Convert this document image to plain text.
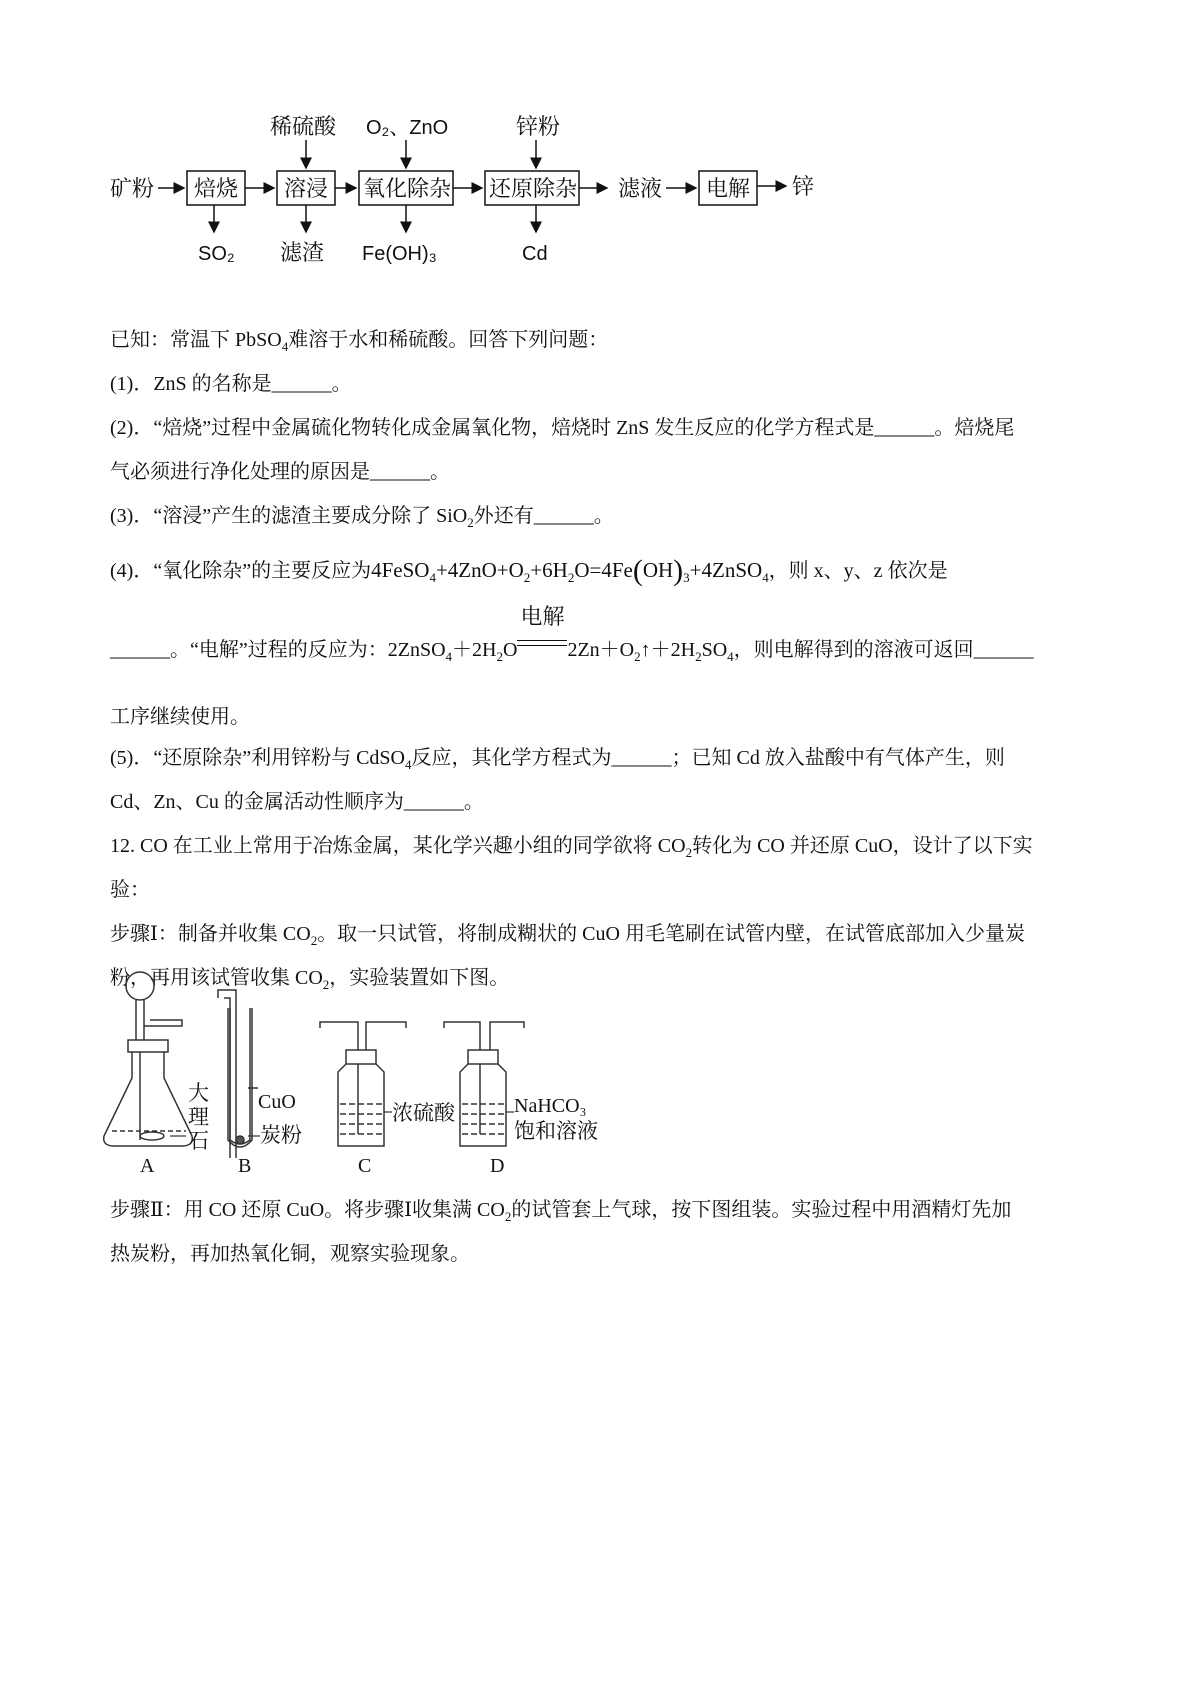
矿粉 焙烧 溶浸 氧化除杂 还原除杂 滤液 电解 锌
稀硫酸 O₂、ZnO	锌粉
SO₂ 滤渣 Fe(OH)₃	Cd
已知：常温下 PbSO$_4$难溶于水和稀硫酸。回答下列问题：
(1)．ZnS 的名称是______。
(2)．“焙烧”过程中金属硫化物转化成金属氧化物，焙烧时 ZnS 发生反应的化学方程式是______。焙烧尾
气必须进行净化处理的原因是______。
(3)．“溶浸”产生的滤渣主要成分除了 SiO$_2$外还有______。
(4)．“氧化除杂”的主要反应为$4FeSO_4+4ZnO+O_2+6H_2O=4Fe(OH)_3+4ZnSO_4$，则 x、y、z 依次是
______。“电解”过程的反应为：$2ZnSO_4+2H_2O$
电解
$2Zn+O_2↑+2H_2SO_4$，则电解得到的溶液可返回______
工序继续使用。
(5)．“还原除杂”利用锌粉与 CdSO$_4$反应，其化学方程式为______；已知 Cd 放入盐酸中有气体产生，则
Cd、Zn、Cu 的金属活动性顺序为______。
12. CO 在工业上常用于冶炼金属，某化学兴趣小组的同学欲将 $CO_2$转化为 CO 并还原 CuO，设计了以下实
验：
步骤Ⅰ：制备并收集 $CO_2$。取一只试管，将制成糊状的 CuO 用毛笔刷在试管内壁，在试管底部加入少量炭
粉，再用该试管收集 $CO_2$，实验装置如下图。
大
理
石
CuO
炭粉
浓硫酸	NaHCO₃
饱和溶液
A	B	C	D
步骤Ⅱ：用 CO 还原 CuO。将步骤Ⅰ收集满 $CO_2$的试管套上气球，按下图组装。实验过程中用酒精灯先加
热炭粉，再加热氧化铜，观察实验现象。
